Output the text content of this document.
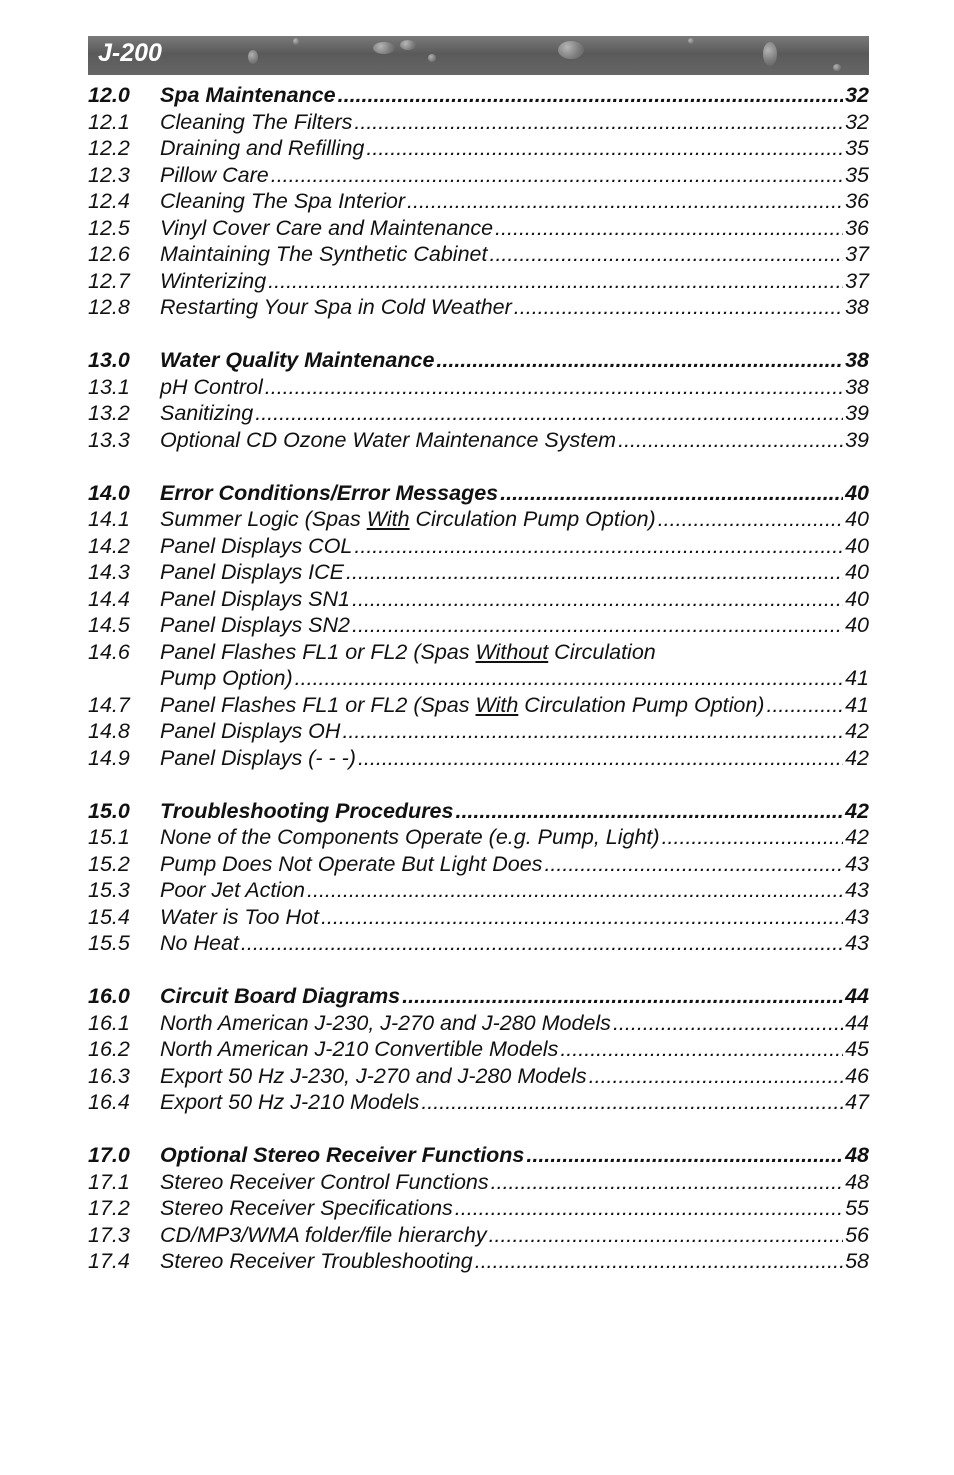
J-200
12.0	Spa Maintenance .....	32
12.1	Cleaning The Filters .....	32
12.2	Draining and Refilling .....	35
12.3	Pillow Care .....	35
12.4	Cleaning The Spa Interior .....	36
12.5	Vinyl Cover Care and Maintenance .....	36
12.6	Maintaining The Synthetic Cabinet .....	37
12.7	Winterizing .....	37
12.8	Restarting Your Spa in Cold Weather .....	38
13.0	Water Quality Maintenance .....	38
13.1	pH Control .....	38
13.2	Sanitizing .....	39
13.3	Optional CD Ozone Water Maintenance System .....	39
14.0	Error Conditions/Error Messages .....	40
14.1	Summer Logic (Spas With Circulation Pump Option) .....	40
14.2	Panel Displays COL .....	40
14.3	Panel Displays ICE .....	40
14.4	Panel Displays SN1 .....	40
14.5	Panel Displays SN2 .....	40
14.6	Panel Flashes FL1 or FL2 (Spas Without Circulation
Pump Option) .....	41
14.7	Panel Flashes FL1 or FL2 (Spas With Circulation Pump Option) .....	41
14.8	Panel Displays OH .....	42
14.9	Panel Displays (- - -) .....	42
15.0	Troubleshooting Procedures .....	42
15.1	None of the Components Operate (e.g. Pump, Light) .....	42
15.2	Pump Does Not Operate But Light Does .....	43
15.3	Poor Jet Action .....	43
15.4	Water is Too Hot .....	43
15.5	No Heat .....	43
16.0	Circuit Board Diagrams .....	44
16.1	North American J-230, J-270 and J-280 Models .....	44
16.2	North American J-210 Convertible Models .....	45
16.3	Export 50 Hz J-230, J-270 and J-280 Models .....	46
16.4	Export 50 Hz J-210 Models .....	47
17.0	Optional Stereo Receiver Functions .....	48
17.1	Stereo Receiver Control Functions .....	48
17.2	Stereo Receiver Specifications .....	55
17.3	CD/MP3/WMA folder/file hierarchy .....	56
17.4	Stereo Receiver Troubleshooting .....	58
